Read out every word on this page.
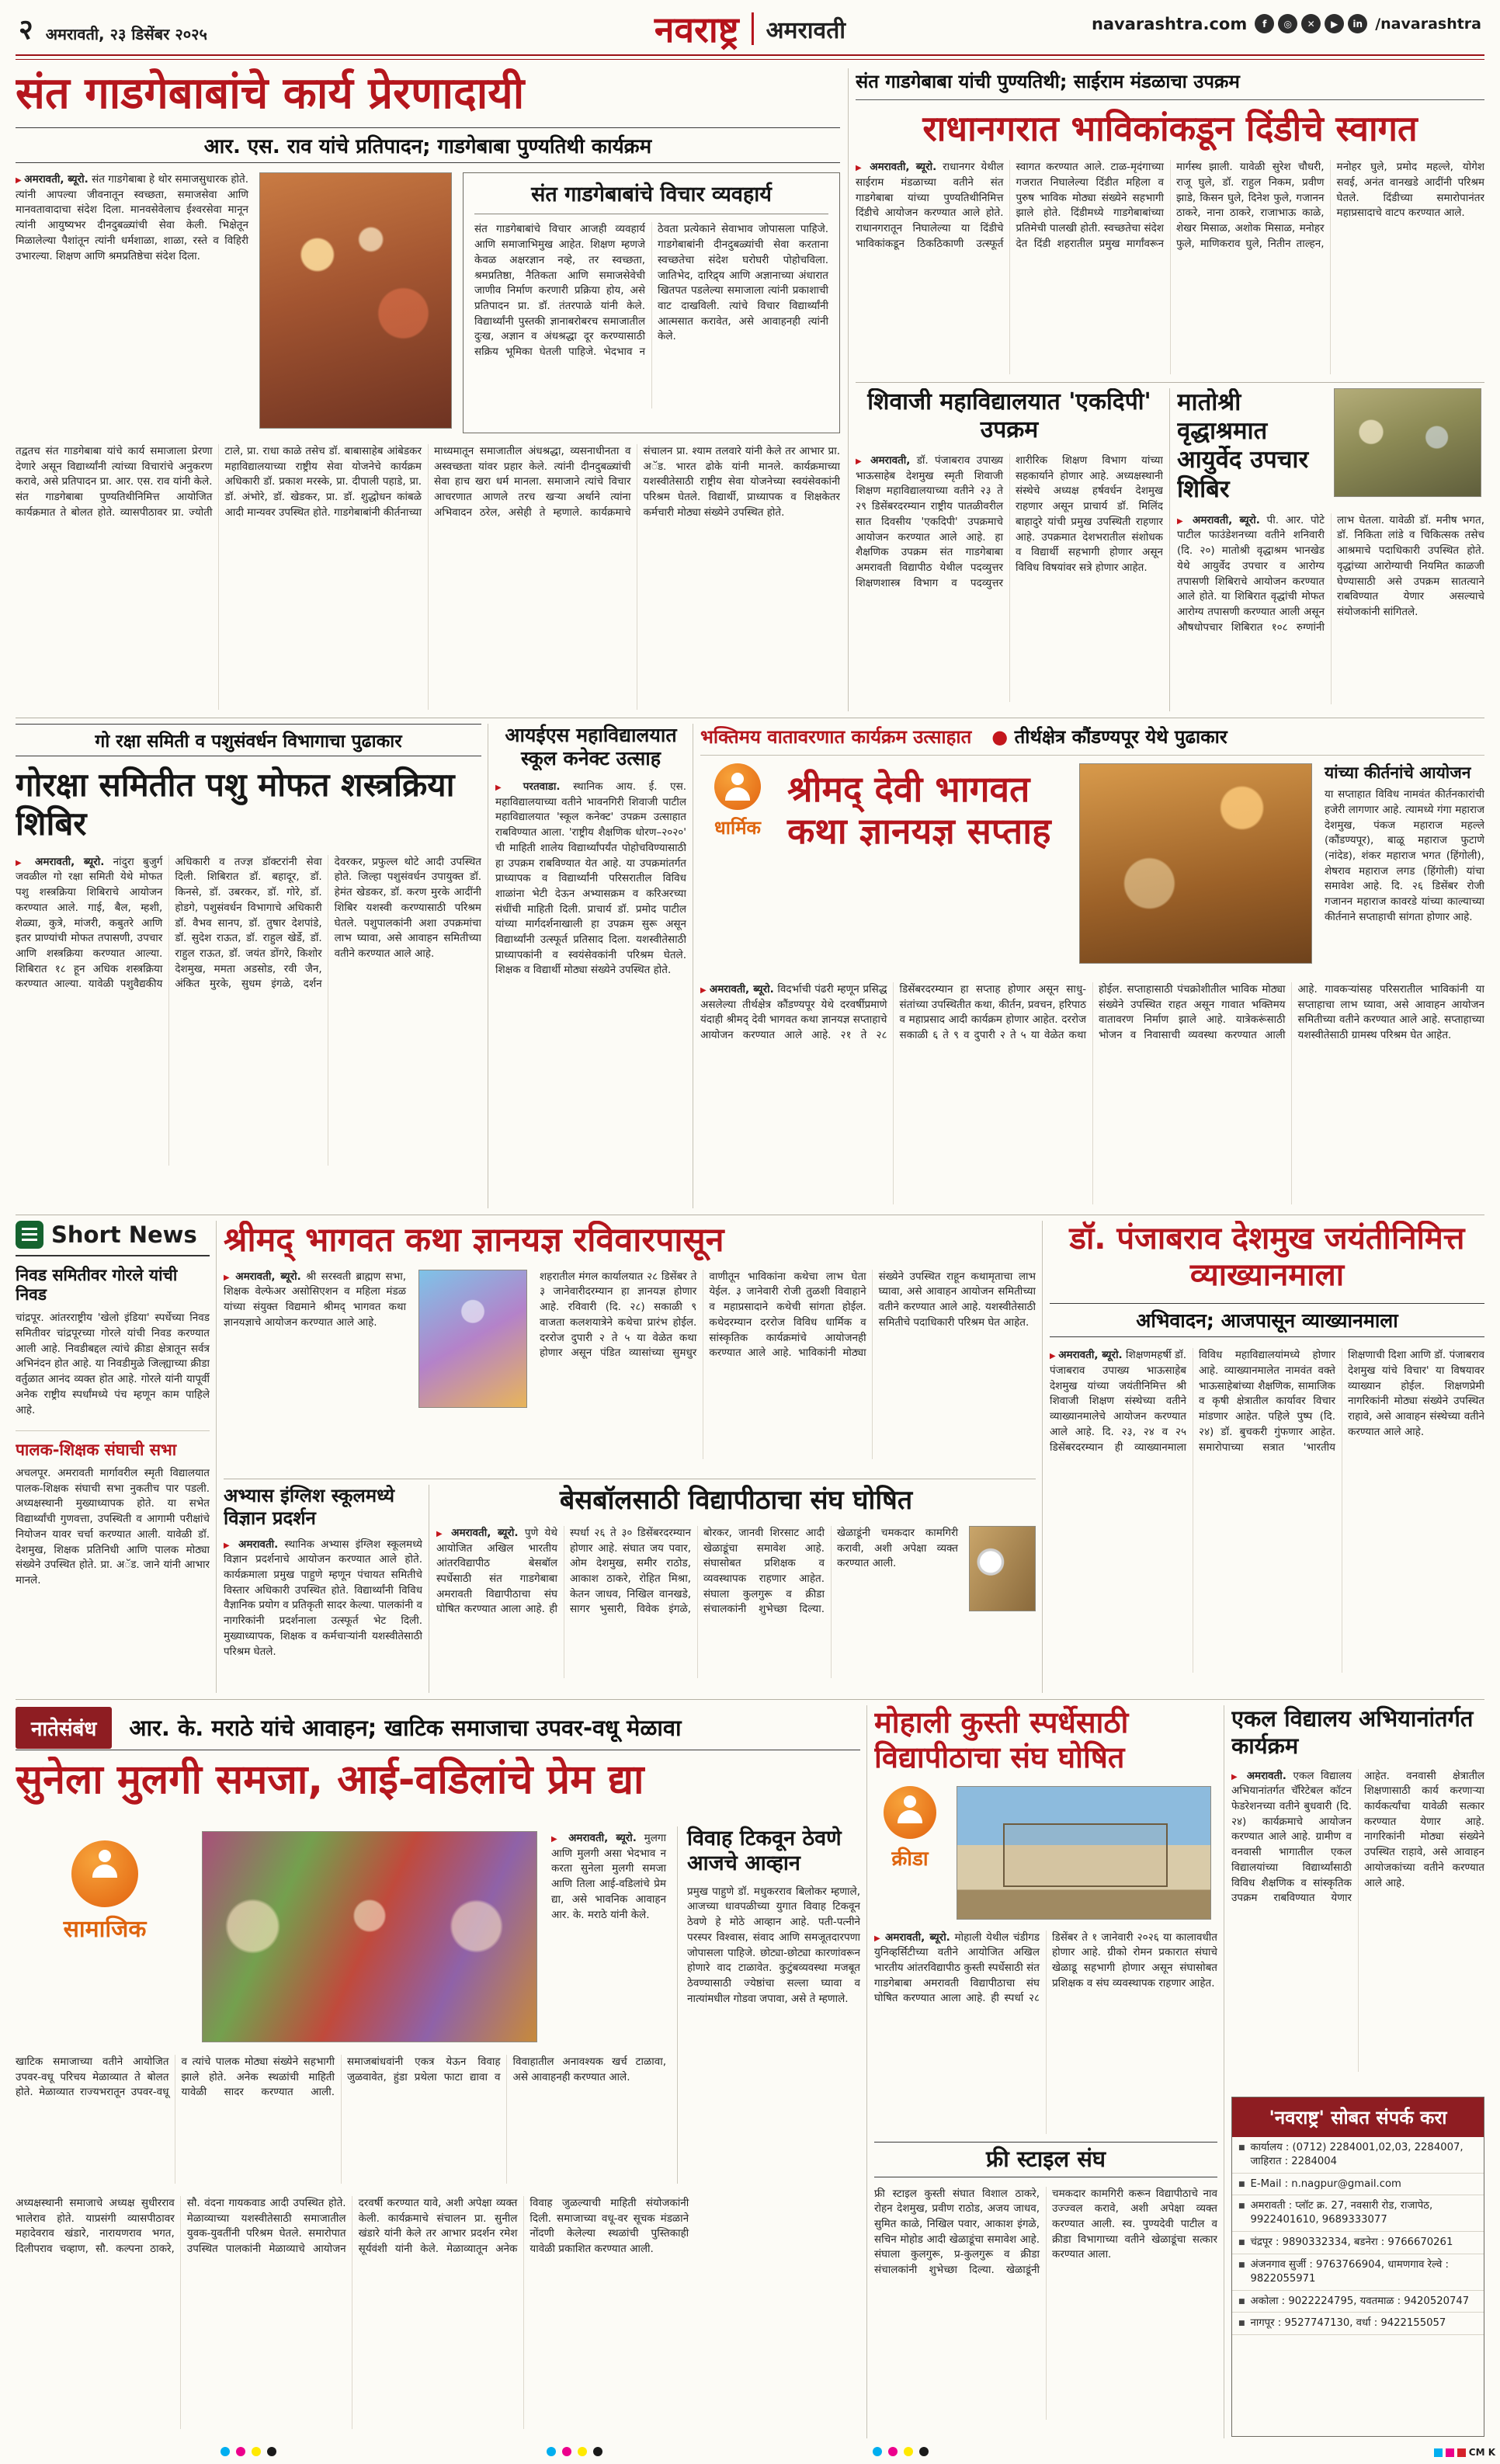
२ अमरावती, २३ डिसेंबर २०२५	नवराष्ट्र अमरावती	navarashtra.com	f	◎	✕	▶	in /navarashtra
संत गाडगेबाबांचे कार्य प्रेरणादायी
आर. एस. राव यांचे प्रतिपादन; गाडगेबाबा पुण्यतिथी कार्यक्रम
▶ अमरावती, ब्यूरो. संत गाडगेबाबा हे थोर समाजसुधारक होते. त्यांनी आपल्या जीवनातून स्वच्छता, समाजसेवा आणि मानवतावादाचा संदेश दिला. मानवसेवेलाच ईश्वरसेवा मानून त्यांनी आयुष्यभर दीनदुबळ्यांची सेवा केली. भिक्षेतून मिळालेल्या पैशांतून त्यांनी धर्मशाळा, शाळा, रस्ते व विहिरी उभारल्या. शिक्षण आणि श्रमप्रतिष्ठेचा संदेश दिला.
संत गाडगेबाबांचे विचार व्यवहार्य
संत गाडगेबाबांचे विचार आजही व्यवहार्य आणि समाजाभिमुख आहेत. शिक्षण म्हणजे केवळ अक्षरज्ञान नव्हे, तर स्वच्छता, श्रमप्रतिष्ठा, नैतिकता आणि समाजसेवेची जाणीव निर्माण करणारी प्रक्रिया होय, असे प्रतिपादन प्रा. डॉ. तंतरपाळे यांनी केले. विद्यार्थ्यांनी पुस्तकी ज्ञानाबरोबरच समाजातील दुःख, अज्ञान व अंधश्रद्धा दूर करण्यासाठी सक्रिय भूमिका घेतली पाहिजे. भेदभाव न ठेवता प्रत्येकाने सेवाभाव जोपासला पाहिजे. गाडगेबाबांनी दीनदुबळ्यांची सेवा करताना स्वच्छतेचा संदेश घरोघरी पोहोचविला. जातिभेद, दारिद्र्य आणि अज्ञानाच्या अंधारात खितपत पडलेल्या समाजाला त्यांनी प्रकाशाची वाट दाखविली. त्यांचे विचार विद्यार्थ्यांनी आत्मसात करावेत, असे आवाहनही त्यांनी केले.
तद्वतच संत गाडगेबाबा यांचे कार्य समाजाला प्रेरणा देणारे असून विद्यार्थ्यांनी त्यांच्या विचारांचे अनुकरण करावे, असे प्रतिपादन प्रा. आर. एस. राव यांनी केले. संत गाडगेबाबा पुण्यतिथीनिमित्त आयोजित कार्यक्रमात ते बोलत होते. व्यासपीठावर प्रा. ज्योती टाले, प्रा. राधा काळे तसेच डॉ. बाबासाहेब आंबेडकर महाविद्यालयाच्या राष्ट्रीय सेवा योजनेचे कार्यक्रम अधिकारी डॉ. प्रकाश मरस्के, प्रा. दीपाली पहाडे, प्रा. डॉ. अंभोरे, डॉ. खेडकर, प्रा. डॉ. शुद्धोधन कांबळे आदी मान्यवर उपस्थित होते. गाडगेबाबांनी कीर्तनाच्या माध्यमातून समाजातील अंधश्रद्धा, व्यसनाधीनता व अस्वच्छता यांवर प्रहार केले. त्यांनी दीनदुबळ्यांची सेवा हाच खरा धर्म मानला. समाजाने त्यांचे विचार आचरणात आणले तरच खऱ्या अर्थाने त्यांना अभिवादन ठरेल, असेही ते म्हणाले. कार्यक्रमाचे संचालन प्रा. श्याम तलवारे यांनी केले तर आभार प्रा. अॅड. भारत ढोके यांनी मानले. कार्यक्रमाच्या यशस्वीतेसाठी राष्ट्रीय सेवा योजनेच्या स्वयंसेवकांनी परिश्रम घेतले. विद्यार्थी, प्राध्यापक व शिक्षकेतर कर्मचारी मोठ्या संख्येने उपस्थित होते.
संत गाडगेबाबा यांची पुण्यतिथी; साईराम मंडळाचा उपक्रम
राधानगरात भाविकांकडून दिंडीचे स्वागत
▶ अमरावती, ब्यूरो. राधानगर येथील साईराम मंडळाच्या वतीने संत गाडगेबाबा यांच्या पुण्यतिथीनिमित्त दिंडीचे आयोजन करण्यात आले होते. राधानगरातून निघालेल्या या दिंडीचे भाविकांकडून ठिकठिकाणी उत्स्फूर्त स्वागत करण्यात आले. टाळ-मृदंगाच्या गजरात निघालेल्या दिंडीत महिला व पुरुष भाविक मोठ्या संख्येने सहभागी झाले होते. दिंडीमध्ये गाडगेबाबांच्या प्रतिमेची पालखी होती. स्वच्छतेचा संदेश देत दिंडी शहरातील प्रमुख मार्गांवरून मार्गस्थ झाली. यावेळी सुरेश चौधरी, राजू घुले, डॉ. राहुल निकम, प्रवीण झाडे, किसन घुले, दिनेश फुले, गजानन ठाकरे, नाना ठाकरे, राजाभाऊ काळे, शेखर मिसाळ, अशोक मिसाळ, मनोहर फुले, माणिकराव घुले, नितीन ताल्हन, मनोहर घुले, प्रमोद महल्ले, योगेश सवई, अनंत वानखडे आदींनी परिश्रम घेतले. दिंडीच्या समारोपानंतर महाप्रसादाचे वाटप करण्यात आले.
शिवाजी महाविद्यालयात 'एकदिपी' उपक्रम
▶ अमरावती, डॉ. पंजाबराव उपाख्य भाऊसाहेब देशमुख स्मृती शिवाजी शिक्षण महाविद्यालयाच्या वतीने २३ ते २९ डिसेंबरदरम्यान राष्ट्रीय पातळीवरील सात दिवसीय 'एकदिपी' उपक्रमाचे आयोजन करण्यात आले आहे. हा शैक्षणिक उपक्रम संत गाडगेबाबा अमरावती विद्यापीठ येथील पदव्युत्तर शिक्षणशास्त्र विभाग व पदव्युत्तर शारीरिक शिक्षण विभाग यांच्या सहकार्याने होणार आहे. अध्यक्षस्थानी संस्थेचे अध्यक्ष हर्षवर्धन देशमुख राहणार असून प्राचार्य डॉ. मिलिंद बाहादुरे यांची प्रमुख उपस्थिती राहणार आहे. उपक्रमात देशभरातील संशोधक व विद्यार्थी सहभागी होणार असून विविध विषयांवर सत्रे होणार आहेत.
मातोश्री वृद्धाश्रमात आयुर्वेद उपचार शिबिर
▶ अमरावती, ब्यूरो. पी. आर. पोटे पाटील फाउंडेशनच्या वतीने शनिवारी (दि. २०) मातोश्री वृद्धाश्रम भानखेड येथे आयुर्वेद उपचार व आरोग्य तपासणी शिबिराचे आयोजन करण्यात आले होते. या शिबिरात वृद्धांची मोफत आरोग्य तपासणी करण्यात आली असून औषधोपचार शिबिरात १०८ रुग्णांनी लाभ घेतला. यावेळी डॉ. मनीष भगत, डॉ. निकिता लांडे व चिकित्सक तसेच आश्रमाचे पदाधिकारी उपस्थित होते. वृद्धांच्या आरोग्याची नियमित काळजी घेण्यासाठी असे उपक्रम सातत्याने राबविण्यात येणार असल्याचे संयोजकांनी सांगितले.
गो रक्षा समिती व पशुसंवर्धन विभागाचा पुढाकार
गोरक्षा समितीत पशु मोफत शस्त्रक्रिया शिबिर
▶ अमरावती, ब्यूरो. नांदुरा बुजुर्ग जवळील गो रक्षा समिती येथे मोफत पशु शस्त्रक्रिया शिबिराचे आयोजन करण्यात आले. गाई, बैल, म्हशी, शेळ्या, कुत्रे, मांजरी, कबुतरे आणि इतर प्राण्यांची मोफत तपासणी, उपचार आणि शस्त्रक्रिया करण्यात आल्या. शिबिरात १८ हून अधिक शस्त्रक्रिया करण्यात आल्या. यावेळी पशुवैद्यकीय अधिकारी व तज्ज्ञ डॉक्टरांनी सेवा दिली. शिबिरात डॉ. बहादूर, डॉ. किनसे, डॉ. उबरकर, डॉ. गोरे, डॉ. होडगे, पशुसंवर्धन विभागाचे अधिकारी डॉ. वैभव सानप, डॉ. तुषार देशपांडे, डॉ. सुदेश राऊत, डॉ. राहुल खेर्डे, डॉ. राहुल राऊत, डॉ. जयंत डोंगरे, किशोर देशमुख, ममता अडसोड, रवी जैन, अंकित मुरके, सुधम इंगळे, दर्शन देवरकर, प्रफुल्ल थोटे आदी उपस्थित होते. जिल्हा पशुसंवर्धन उपायुक्त डॉ. हेमंत खेडकर, डॉ. करण मुरके आदींनी शिबिर यशस्वी करण्यासाठी परिश्रम घेतले. पशुपालकांनी अशा उपक्रमांचा लाभ घ्यावा, असे आवाहन समितीच्या वतीने करण्यात आले आहे.
आयईएस महाविद्यालयात स्कूल कनेक्ट उत्साह
▶ परतवाडा. स्थानिक आय. ई. एस. महाविद्यालयाच्या वतीने भावनगिरी शिवाजी पाटील महाविद्यालयात 'स्कूल कनेक्ट' उपक्रम उत्साहात राबविण्यात आला. 'राष्ट्रीय शैक्षणिक धोरण–२०२०' ची माहिती शालेय विद्यार्थ्यांपर्यंत पोहोचविण्यासाठी हा उपक्रम राबविण्यात येत आहे. या उपक्रमांतर्गत प्राध्यापक व विद्यार्थ्यांनी परिसरातील विविध शाळांना भेटी देऊन अभ्यासक्रम व करिअरच्या संधींची माहिती दिली. प्राचार्य डॉ. प्रमोद पाटील यांच्या मार्गदर्शनाखाली हा उपक्रम सुरू असून विद्यार्थ्यांनी उत्स्फूर्त प्रतिसाद दिला. यशस्वीतेसाठी प्राध्यापकांनी व स्वयंसेवकांनी परिश्रम घेतले. शिक्षक व विद्यार्थी मोठ्या संख्येने उपस्थित होते.
भक्तिमय वातावरणात कार्यक्रम उत्साहात	● तीर्थक्षेत्र कौंडण्यपूर येथे पुढाकार
धार्मिक
श्रीमद् देवी भागवत कथा ज्ञानयज्ञ सप्ताह
यांच्या कीर्तनांचे आयोजन
या सप्ताहात विविध नामवंत कीर्तनकारांची हजेरी लागणार आहे. त्यामध्ये गंगा महाराज देशमुख, पंकज महाराज महल्ले (कौंडण्यपूर), बाळू महाराज फुटाणे (नांदेड), शंकर महाराज भगत (हिंगोली), शेषराव महाराज लगड (हिंगोली) यांचा समावेश आहे. दि. २६ डिसेंबर रोजी गजानन महाराज कावरडे यांच्या काल्याच्या कीर्तनाने सप्ताहाची सांगता होणार आहे.
▶ अमरावती, ब्यूरो. विदर्भाची पंढरी म्हणून प्रसिद्ध असलेल्या तीर्थक्षेत्र कौंडण्यपूर येथे दरवर्षीप्रमाणे यंदाही श्रीमद् देवी भागवत कथा ज्ञानयज्ञ सप्ताहाचे आयोजन करण्यात आले आहे. २१ ते २८ डिसेंबरदरम्यान हा सप्ताह होणार असून साधु-संतांच्या उपस्थितीत कथा, कीर्तन, प्रवचन, हरिपाठ व महाप्रसाद आदी कार्यक्रम होणार आहेत. दररोज सकाळी ६ ते ९ व दुपारी २ ते ५ या वेळेत कथा होईल. सप्ताहासाठी पंचक्रोशीतील भाविक मोठ्या संख्येने उपस्थित राहत असून गावात भक्तिमय वातावरण निर्माण झाले आहे. यात्रेकरूंसाठी भोजन व निवासाची व्यवस्था करण्यात आली आहे. गावकऱ्यांसह परिसरातील भाविकांनी या सप्ताहाचा लाभ घ्यावा, असे आवाहन आयोजन समितीच्या वतीने करण्यात आले आहे. सप्ताहाच्या यशस्वीतेसाठी ग्रामस्थ परिश्रम घेत आहेत.
Short News
निवड समितीवर गोरले यांची निवड
चांद्रपूर. आंतरराष्ट्रीय 'खेलो इंडिया' स्पर्धेच्या निवड समितीवर चांद्रपूरच्या गोरले यांची निवड करण्यात आली आहे. निवडीबद्दल त्यांचे क्रीडा क्षेत्रातून सर्वत्र अभिनंदन होत आहे. या निवडीमुळे जिल्ह्याच्या क्रीडा वर्तुळात आनंद व्यक्त होत आहे. गोरले यांनी यापूर्वी अनेक राष्ट्रीय स्पर्धांमध्ये पंच म्हणून काम पाहिले आहे.
पालक-शिक्षक संघाची सभा
अचलपूर. अमरावती मार्गावरील स्मृती विद्यालयात पालक-शिक्षक संघाची सभा नुकतीच पार पडली. अध्यक्षस्थानी मुख्याध्यापक होते. या सभेत विद्यार्थ्यांची गुणवत्ता, उपस्थिती व आगामी परीक्षांचे नियोजन यावर चर्चा करण्यात आली. यावेळी डॉ. देशमुख, शिक्षक प्रतिनिधी आणि पालक मोठ्या संख्येने उपस्थित होते. प्रा. अॅड. जाने यांनी आभार मानले.
श्रीमद् भागवत कथा ज्ञानयज्ञ रविवारपासून
▶ अमरावती, ब्यूरो. श्री सरस्वती ब्राह्मण सभा, शिक्षक वेल्फेअर असोसिएशन व महिला मंडळ यांच्या संयुक्त विद्यमाने श्रीमद् भागवत कथा ज्ञानयज्ञाचे आयोजन करण्यात आले आहे.
शहरातील मंगल कार्यालयात २८ डिसेंबर ते ३ जानेवारीदरम्यान हा ज्ञानयज्ञ होणार आहे. रविवारी (दि. २८) सकाळी ९ वाजता कलशयात्रेने कथेचा प्रारंभ होईल. दररोज दुपारी २ ते ५ या वेळेत कथा होणार असून पंडित व्यासांच्या सुमधुर वाणीतून भाविकांना कथेचा लाभ घेता येईल. ३ जानेवारी रोजी तुळशी विवाहाने व महाप्रसादाने कथेची सांगता होईल. कथेदरम्यान दररोज विविध धार्मिक व सांस्कृतिक कार्यक्रमांचे आयोजनही करण्यात आले आहे. भाविकांनी मोठ्या संख्येने उपस्थित राहून कथामृताचा लाभ घ्यावा, असे आवाहन आयोजन समितीच्या वतीने करण्यात आले आहे. यशस्वीतेसाठी समितीचे पदाधिकारी परिश्रम घेत आहेत.
अभ्यास इंग्लिश स्कूलमध्ये विज्ञान प्रदर्शन
▶ अमरावती. स्थानिक अभ्यास इंग्लिश स्कूलमध्ये विज्ञान प्रदर्शनाचे आयोजन करण्यात आले होते. कार्यक्रमाला प्रमुख पाहुणे म्हणून पंचायत समितीचे विस्तार अधिकारी उपस्थित होते. विद्यार्थ्यांनी विविध वैज्ञानिक प्रयोग व प्रतिकृती सादर केल्या. पालकांनी व नागरिकांनी प्रदर्शनाला उत्स्फूर्त भेट दिली. मुख्याध्यापक, शिक्षक व कर्मचाऱ्यांनी यशस्वीतेसाठी परिश्रम घेतले.
बेसबॉलसाठी विद्यापीठाचा संघ घोषित
▶ अमरावती, ब्यूरो. पुणे येथे आयोजित अखिल भारतीय आंतरविद्यापीठ बेसबॉल स्पर्धेसाठी संत गाडगेबाबा अमरावती विद्यापीठाचा संघ घोषित करण्यात आला आहे. ही स्पर्धा २६ ते ३० डिसेंबरदरम्यान होणार आहे. संघात जय पवार, ओम देशमुख, समीर राठोड, आकाश ठाकरे, रोहित मिश्रा, केतन जाधव, निखिल वानखडे, सागर भुसारी, विवेक इंगळे, बोरकर, जानवी शिरसाट आदी खेळाडूंचा समावेश आहे. संघासोबत प्रशिक्षक व व्यवस्थापक राहणार आहेत. संघाला कुलगुरू व क्रीडा संचालकांनी शुभेच्छा दिल्या. खेळाडूंनी चमकदार कामगिरी करावी, अशी अपेक्षा व्यक्त करण्यात आली.
डॉ. पंजाबराव देशमुख जयंतीनिमित्त व्याख्यानमाला
अभिवादन; आजपासून व्याख्यानमाला
▶ अमरावती, ब्यूरो. शिक्षणमहर्षी डॉ. पंजाबराव उपाख्य भाऊसाहेब देशमुख यांच्या जयंतीनिमित्त श्री शिवाजी शिक्षण संस्थेच्या वतीने व्याख्यानमालेचे आयोजन करण्यात आले आहे. दि. २३, २४ व २५ डिसेंबरदरम्यान ही व्याख्यानमाला विविध महाविद्यालयांमध्ये होणार आहे. व्याख्यानमालेत नामवंत वक्ते भाऊसाहेबांच्या शैक्षणिक, सामाजिक व कृषी क्षेत्रातील कार्यावर विचार मांडणार आहेत. पहिले पुष्प (दि. २४) डॉ. बुचकरी गुंफणार आहेत. समारोपाच्या सत्रात 'भारतीय शिक्षणाची दिशा आणि डॉ. पंजाबराव देशमुख यांचे विचार' या विषयावर व्याख्यान होईल. शिक्षणप्रेमी नागरिकांनी मोठ्या संख्येने उपस्थित राहावे, असे आवाहन संस्थेच्या वतीने करण्यात आले आहे.
नातेसंबंध	आर. के. मराठे यांचे आवाहन; खाटिक समाजाचा उपवर-वधू मेळावा
सुनेला मुलगी समजा, आई-वडिलांचे प्रेम द्या
सामाजिक
▶ अमरावती, ब्यूरो. मुलगा आणि मुलगी असा भेदभाव न करता सुनेला मुलगी समजा आणि तिला आई-वडिलांचे प्रेम द्या, असे भावनिक आवाहन आर. के. मराठे यांनी केले.
विवाह टिकवून ठेवणे आजचे आव्हान
प्रमुख पाहुणे डॉ. मधुकरराव बिलोकर म्हणाले, आजच्या धावपळीच्या युगात विवाह टिकवून ठेवणे हे मोठे आव्हान आहे. पती-पत्नीने परस्पर विश्वास, संवाद आणि समजूतदारपणा जोपासला पाहिजे. छोट्या-छोट्या कारणांवरून होणारे वाद टाळावेत. कुटुंबव्यवस्था मजबूत ठेवण्यासाठी ज्येष्ठांचा सल्ला घ्यावा व नात्यांमधील गोडवा जपावा, असे ते म्हणाले.
खाटिक समाजाच्या वतीने आयोजित उपवर-वधू परिचय मेळाव्यात ते बोलत होते. मेळाव्यात राज्यभरातून उपवर-वधू व त्यांचे पालक मोठ्या संख्येने सहभागी झाले होते. अनेक स्थळांची माहिती यावेळी सादर करण्यात आली. समाजबांधवांनी एकत्र येऊन विवाह जुळवावेत, हुंडा प्रथेला फाटा द्यावा व विवाहातील अनावश्यक खर्च टाळावा, असे आवाहनही करण्यात आले.
अध्यक्षस्थानी समाजाचे अध्यक्ष सुधीरराव भालेराव होते. याप्रसंगी व्यासपीठावर महादेवराव खंडारे, नारायणराव भगत, दिलीपराव चव्हाण, सौ. कल्पना ठाकरे, सौ. वंदना गायकवाड आदी उपस्थित होते. मेळाव्याच्या यशस्वीतेसाठी समाजातील युवक-युवतींनी परिश्रम घेतले. समारोपात उपस्थित पालकांनी मेळाव्याचे आयोजन दरवर्षी करण्यात यावे, अशी अपेक्षा व्यक्त केली. कार्यक्रमाचे संचालन प्रा. सुनील खंडारे यांनी केले तर आभार प्रदर्शन रमेश सूर्यवंशी यांनी केले. मेळाव्यातून अनेक विवाह जुळल्याची माहिती संयोजकांनी दिली. समाजाच्या वधू-वर सूचक मंडळाने नोंदणी केलेल्या स्थळांची पुस्तिकाही यावेळी प्रकाशित करण्यात आली.
मोहाली कुस्ती स्पर्धेसाठी विद्यापीठाचा संघ घोषित
क्रीडा
▶ अमरावती, ब्यूरो. मोहाली येथील चंडीगड युनिव्हर्सिटीच्या वतीने आयोजित अखिल भारतीय आंतरविद्यापीठ कुस्ती स्पर्धेसाठी संत गाडगेबाबा अमरावती विद्यापीठाचा संघ घोषित करण्यात आला आहे. ही स्पर्धा २८ डिसेंबर ते १ जानेवारी २०२६ या कालावधीत होणार आहे. ग्रीको रोमन प्रकारात संघाचे खेळाडू सहभागी होणार असून संघासोबत प्रशिक्षक व संघ व्यवस्थापक राहणार आहेत.
फ्री स्टाइल संघ
फ्री स्टाइल कुस्ती संघात विशाल ठाकरे, रोहन देशमुख, प्रवीण राठोड, अजय जाधव, सुमित काळे, निखिल पवार, आकाश इंगळे, सचिन मोहोड आदी खेळाडूंचा समावेश आहे. संघाला कुलगुरू, प्र-कुलगुरू व क्रीडा संचालकांनी शुभेच्छा दिल्या. खेळाडूंनी चमकदार कामगिरी करून विद्यापीठाचे नाव उज्ज्वल करावे, अशी अपेक्षा व्यक्त करण्यात आली. स्व. पुण्यदेवी पाटील व क्रीडा विभागाच्या वतीने खेळाडूंचा सत्कार करण्यात आला.
एकल विद्यालय अभियानांतर्गत कार्यक्रम
▶ अमरावती. एकल विद्यालय अभियानांतर्गत चॅरिटेबल कॉटन फेडरेशनच्या वतीने बुधवारी (दि. २४) कार्यक्रमाचे आयोजन करण्यात आले आहे. ग्रामीण व वनवासी भागातील एकल विद्यालयांच्या विद्यार्थ्यांसाठी विविध शैक्षणिक व सांस्कृतिक उपक्रम राबविण्यात येणार आहेत. वनवासी क्षेत्रातील शिक्षणासाठी कार्य करणाऱ्या कार्यकर्त्यांचा यावेळी सत्कार करण्यात येणार आहे. नागरिकांनी मोठ्या संख्येने उपस्थित राहावे, असे आवाहन आयोजकांच्या वतीने करण्यात आले आहे.
'नवराष्ट्र' सोबत संपर्क करा
■ कार्यालय : (0712) 2284001,02,03, 2284007, जाहिरात : 2284004
■ E-Mail : n.nagpur@gmail.com
■ अमरावती : प्लॉट क्र. 27, नवसारी रोड, राजापेठ, 9922401610, 9689333077
■ चंद्रपूर : 9890332334, बडनेरा : 9766670261
■ अंजनगाव सुर्जी : 9763766904, धामणगाव रेल्वे : 9822055971
■ अकोला : 9022224795, यवतमाळ : 9420520747
■ नागपूर : 9527747130, वर्धा : 9422155057
CM K
